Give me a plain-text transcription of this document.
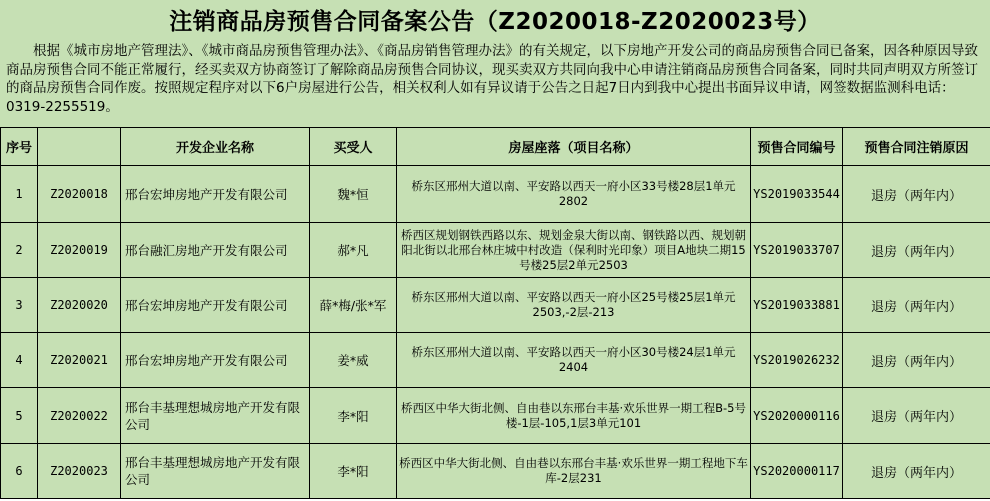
注销商品房预售合同备案公告（Z2020018-Z2020023号）
根据《城市房地产管理法》、《城市商品房预售管理办法》、《商品房销售管理办法》的有关规定，以下房地产开发公司的商品房预售合同已备案，因各种原因导致商品房预售合同不能正常履行，经买卖双方协商签订了解除商品房预售合同协议，现买卖双方共同向我中心申请注销商品房预售合同备案，同时共同声明双方所签订的商品房预售合同作废。按照规定程序对以下6户房屋进行公告，相关权利人如有异议请于公告之日起7日内到我中心提出书面异议申请，网签数据监测科电话：0319-2255519。
序号		开发企业名称	买受人	房屋座落（项目名称）	预售合同编号	预售合同注销原因
1	Z2020018	邢台宏坤房地产开发有限公司	魏*恒	桥东区邢州大道以南、平安路以西天一府小区33号楼28层1单元2802	YS2019033544	退房（两年内）
2	Z2020019	邢台融汇房地产开发有限公司	郝*凡	桥西区规划钢铁西路以东、规划金泉大街以南、钢铁路以西、规划朝阳北街以北邢台林庄城中村改造（保利时光印象）项目A地块二期15号楼25层2单元2503	YS2019033707	退房（两年内）
3	Z2020020	邢台宏坤房地产开发有限公司	薛*梅/张*军	桥东区邢州大道以南、平安路以西天一府小区25号楼25层1单元2503,-2层-213	YS2019033881	退房（两年内）
4	Z2020021	邢台宏坤房地产开发有限公司	姜*威	桥东区邢州大道以南、平安路以西天一府小区30号楼24层1单元2404	YS2019026232	退房（两年内）
5	Z2020022	邢台丰基理想城房地产开发有限公司	李*阳	桥西区中华大街北侧、自由巷以东邢台丰基·欢乐世界一期工程B-5号楼-1层-105,1层3单元101	YS2020000116	退房（两年内）
6	Z2020023	邢台丰基理想城房地产开发有限公司	李*阳	桥西区中华大街北侧、自由巷以东邢台丰基·欢乐世界一期工程地下车库-2层231	YS2020000117	退房（两年内）
